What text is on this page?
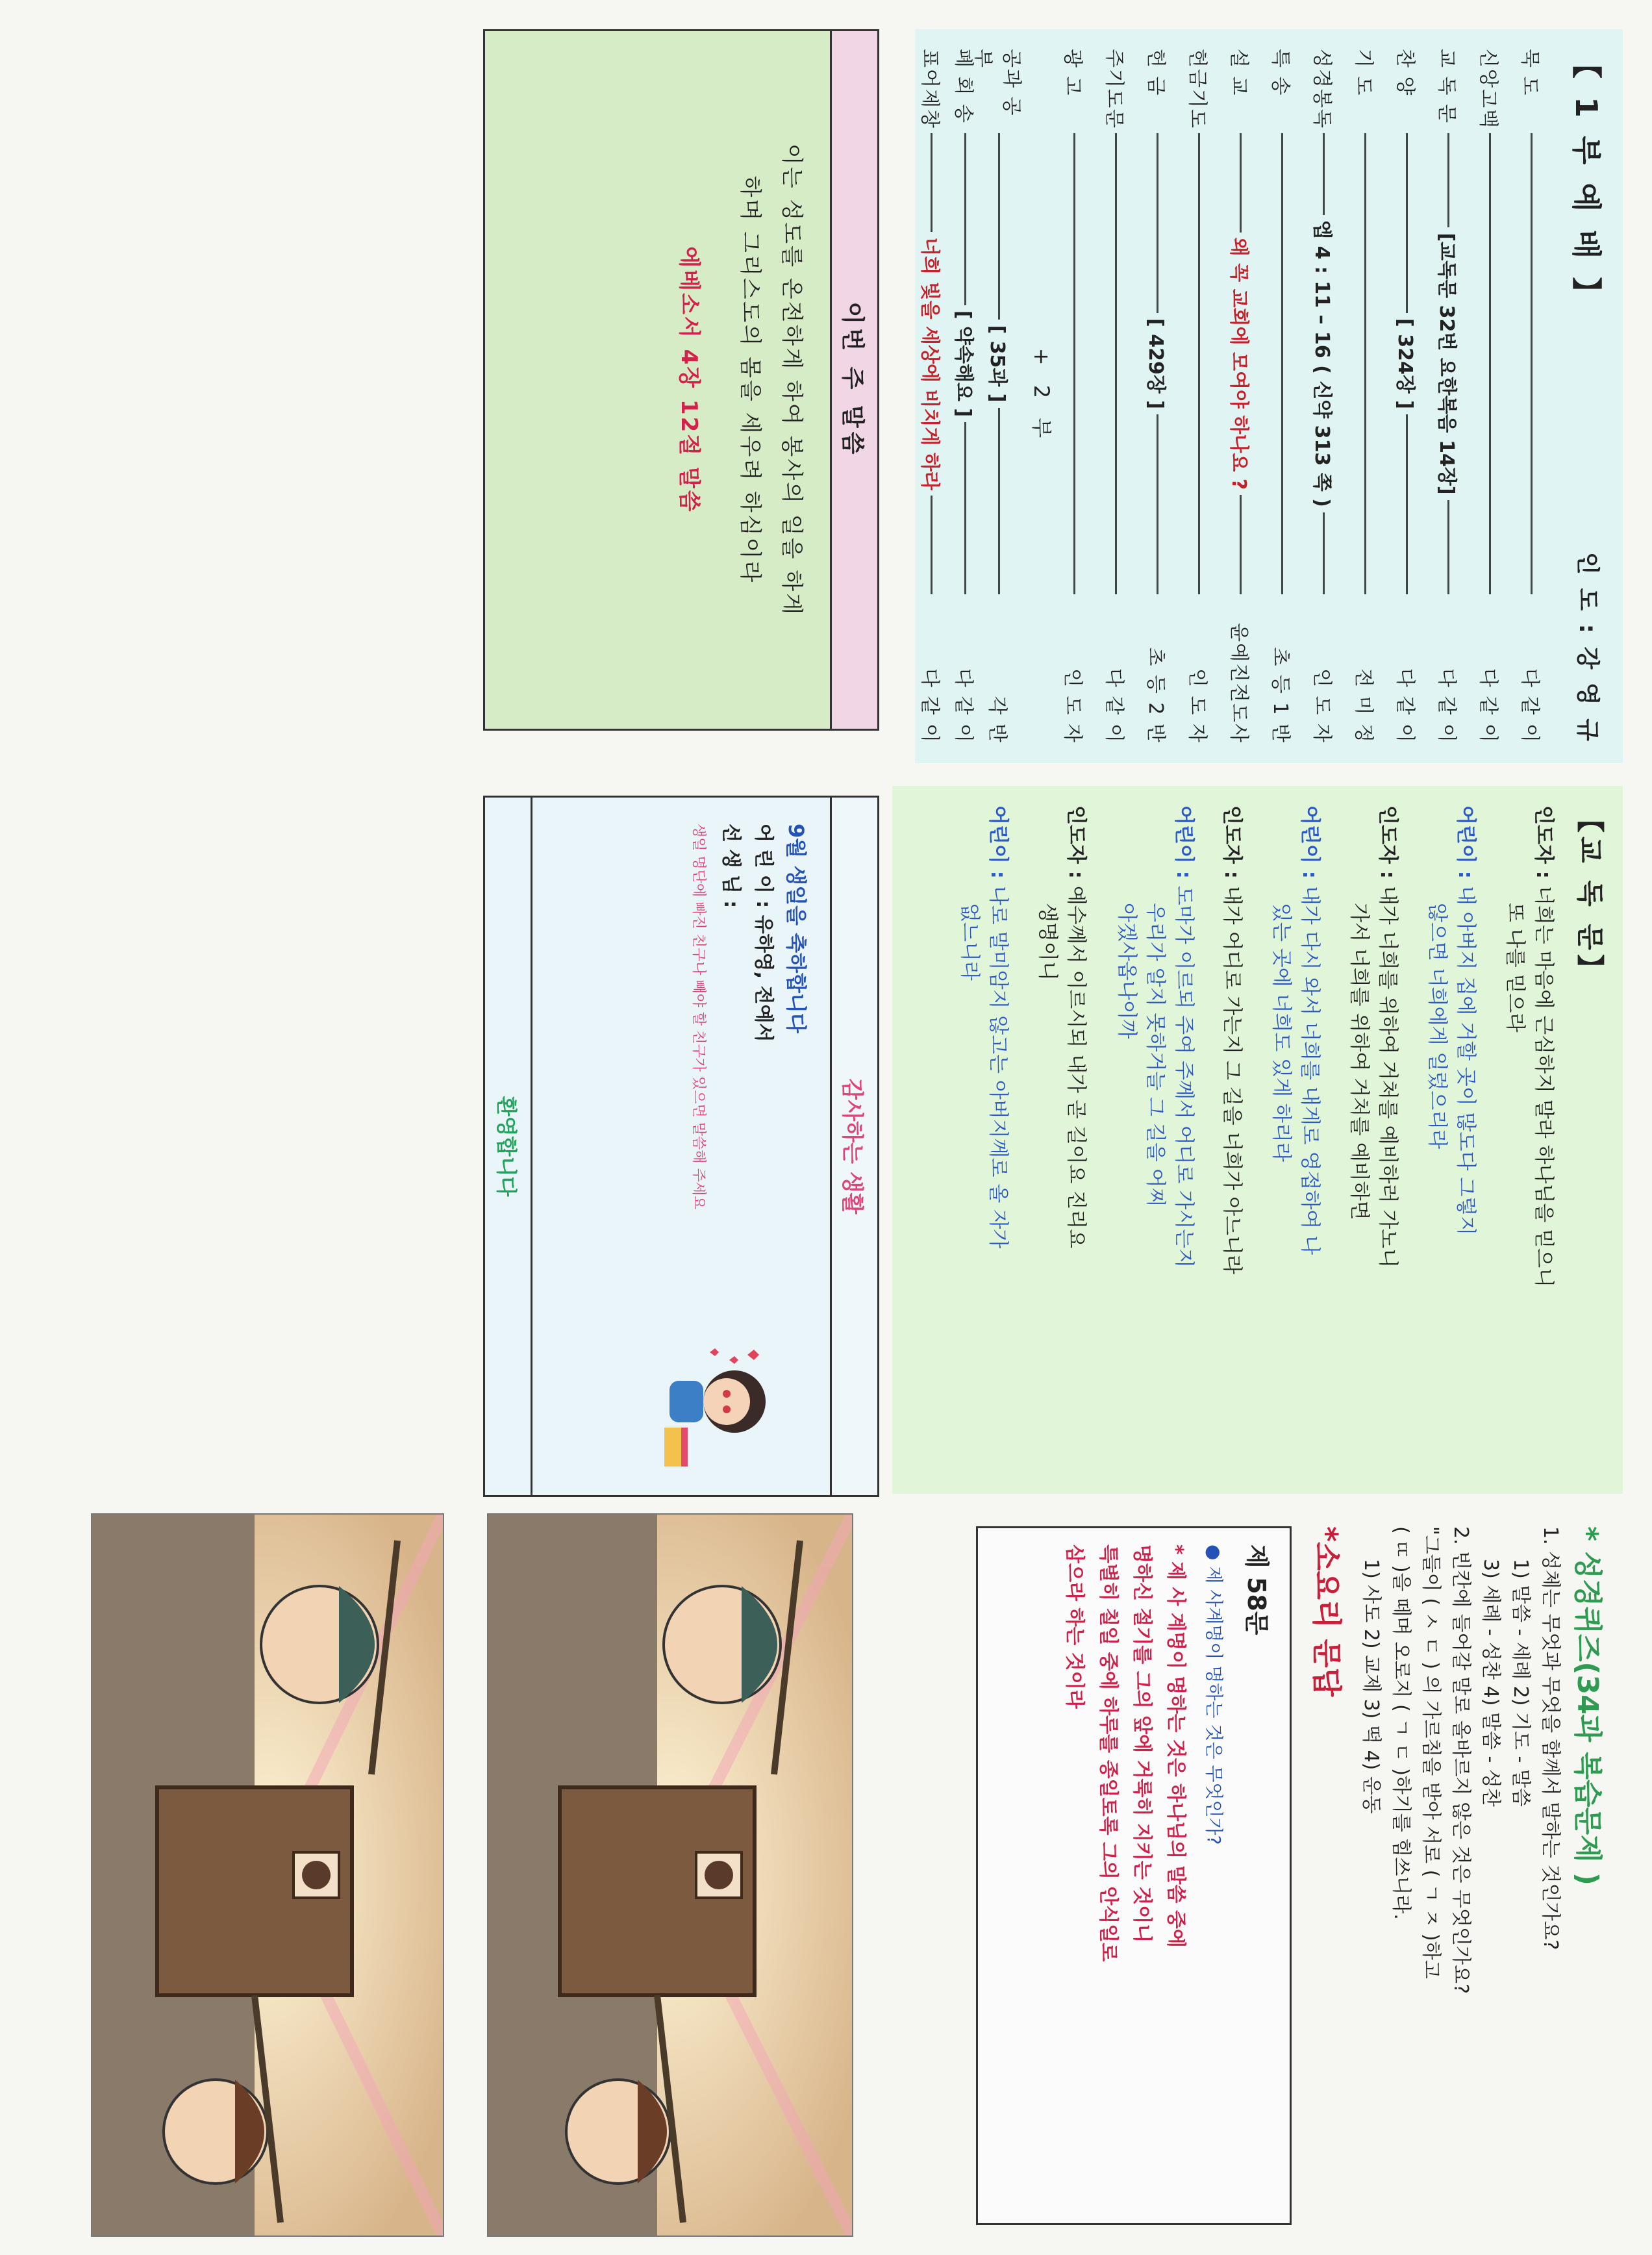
【 1 부 예 배 】
인 도 : 강 영 규
묵 도
다 같 이
신앙고백
다 같 이
교 독 문
[교독문 32번 요한복음 14장]
다 같 이
찬 양
[ 324장 ]
다 같 이
기 도
전 미 정
성경봉독
엡 4 : 11 – 16 ( 신약 313 쪽 )
인 도 자
특 송
초 등 1 반
설 교
왜 꼭 교회에 모여야 하나요 ?
윤예진전도사
헌금기도
인 도 자
헌 금
[ 429장 ]
초 등 2 반
주기도문
다 같 이
광 고
인 도 자
+ 2 부
공과 공부
[ 35과 ]
각 반
폐 회 송
[ 약속해요 ]
다 같 이
표어제창
너희 빛을 세상에 비치게 하라
다 같 이
이번 주 말씀
이는 성도를 온전하게 하여 봉사의 일을 하게
하며 그리스도의 몸을 세우려 하심이라
에베소서 4장 12절 말씀
【교 독 문】
인도자 : 너희는 마음에 근심하지 말라 하나님을 믿으니
또 나를 믿으라
어린이 : 내 아버지 집에 거할 곳이 많도다 그렇지
않으면 너희에게 일렀으리라
인도자 : 내가 너희를 위하여 거처를 예비하러 가노니
가서 너희를 위하여 거처를 예비하면
어린이 : 내가 다시 와서 너희를 내게로 영접하여 나
있는 곳에 너희도 있게 하리라
인도자 : 내가 어디로 가는지 그 길을 너희가 아느니라
어린이 : 도마가 이르되 주여 주께서 어디로 가시는지
우리가 알지 못하거늘 그 길을 어찌
아겠사옵나이까
인도자 : 예수께서 이르시되 내가 곧 길이요 진리요
생명이니
어린이 : 나로 말미암지 않고는 아버지께로 올 자가
없느니라
감사하는 생활
9월 생일을 축하합니다
어 린 이 : 유하영, 전예서
선 생 님 :
생일 명단에 빠진 친구나 빼야 할 친구가 있으면 말씀해 주세요
환영합니다
* 성경퀴즈(34과 복습문제 )
1. 성체는 무엇과 무엇을 함께서 말하는 것인가요?
1) 말씀 - 세례 2) 기도 - 말씀
3) 세례 - 성찬 4) 말씀 - 성찬
2. 빈칸에 들어갈 말로 올바르지 않은 것은 무엇인가요?
"그들이 ( ㅅ ㄷ ) 의 가르침을 받아 서로 ( ㄱ ㅈ )하고
( ㄸ )을 떼며 오로지 ( ㄱ ㄷ )하기를 힘쓰니라.
1) 사도 2) 교제 3) 떡 4) 운동
*소요리 문답
제 58문
● 제 사계명이 명하는 것은 무엇인가?
* 제 사 계명이 명하는 것은 하나님의 말씀 중에
명하신 절기를 그의 앞에 거룩히 지키는 것이니
특별히 칠일 중에 하루를 종일토록 그의 안식일로
삼으라 하는 것이라
